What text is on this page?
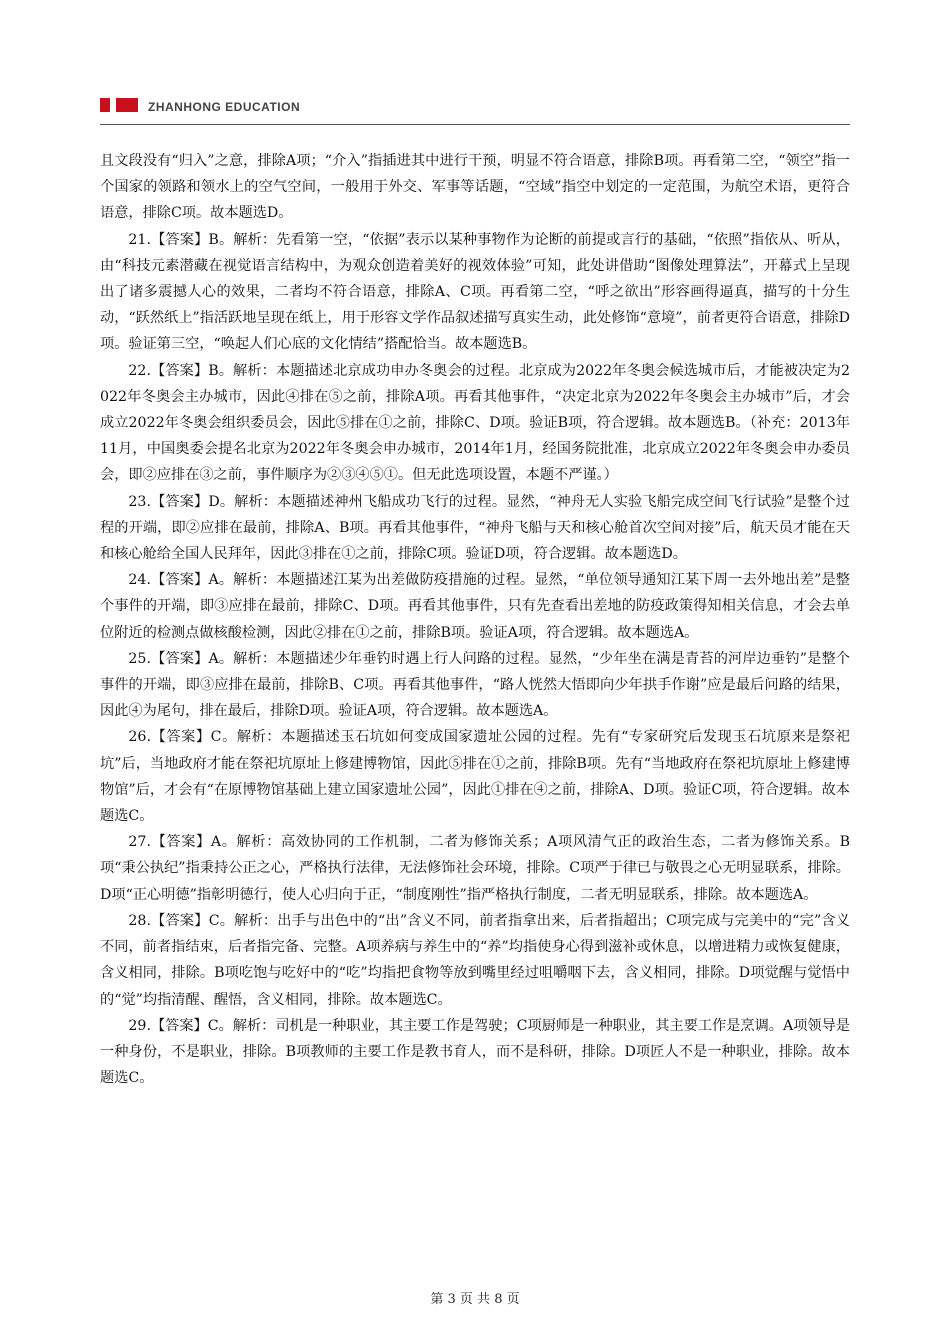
ZHANHONG EDUCATION

且文段没有“归入”之意，排除A项；“介入”指插进其中进行干预，明显不符合语意，排除B项。再看第二空，“领空”指一个国家的领路和领水上的空气空间，一般用于外交、军事等话题，“空域”指空中划定的一定范围，为航空术语，更符合语意，排除C项。故本题选D。

21.【答案】B。解析：先看第一空，“依据”表示以某种事物作为论断的前提或言行的基础，“依照”指依从、听从，由“科技元素潜藏在视觉语言结构中，为观众创造着美好的视效体验”可知，此处讲借助“图像处理算法”，开幕式上呈现出了诸多震撼人心的效果，二者均不符合语意，排除A、C项。再看第二空，“呼之欲出”形容画得逼真，描写的十分生动，“跃然纸上”指活跃地呈现在纸上，用于形容文学作品叙述描写真实生动，此处修饰“意境”，前者更符合语意，排除D项。验证第三空，“唤起人们心底的文化情结”搭配恰当。故本题选B。

22.【答案】B。解析：本题描述北京成功申办冬奥会的过程。北京成为2022年冬奥会候选城市后，才能被决定为2022年冬奥会主办城市，因此④排在⑤之前，排除A项。再看其他事件，“决定北京为2022年冬奥会主办城市”后，才会成立2022年冬奥会组织委员会，因此⑤排在①之前，排除C、D项。验证B项，符合逻辑。故本题选B。（补充：2013年11月，中国奥委会提名北京为2022年冬奥会申办城市，2014年1月，经国务院批准，北京成立2022年冬奥会申办委员会，即②应排在③之前，事件顺序为②③④⑤①。但无此选项设置，本题不严谨。）

23.【答案】D。解析：本题描述神州飞船成功飞行的过程。显然，“神舟无人实验飞船完成空间飞行试验”是整个过程的开端，即②应排在最前，排除A、B项。再看其他事件，“神舟飞船与天和核心舱首次空间对接”后，航天员才能在天和核心舱给全国人民拜年，因此③排在①之前，排除C项。验证D项，符合逻辑。故本题选D。

24.【答案】A。解析：本题描述江某为出差做防疫措施的过程。显然，“单位领导通知江某下周一去外地出差”是整个事件的开端，即③应排在最前，排除C、D项。再看其他事件，只有先查看出差地的防疫政策得知相关信息，才会去单位附近的检测点做核酸检测，因此②排在①之前，排除B项。验证A项，符合逻辑。故本题选A。

25.【答案】A。解析：本题描述少年垂钓时遇上行人问路的过程。显然，“少年坐在满是青苔的河岸边垂钓”是整个事件的开端，即③应排在最前，排除B、C项。再看其他事件，“路人恍然大悟即向少年拱手作谢”应是最后问路的结果，因此④为尾句，排在最后，排除D项。验证A项，符合逻辑。故本题选A。

26.【答案】C。解析：本题描述玉石坑如何变成国家遗址公园的过程。先有“专家研究后发现玉石坑原来是祭祀坑”后，当地政府才能在祭祀坑原址上修建博物馆，因此⑤排在①之前，排除B项。先有“当地政府在祭祀坑原址上修建博物馆”后，才会有“在原博物馆基础上建立国家遗址公园”，因此①排在④之前，排除A、D项。验证C项，符合逻辑。故本题选C。

27.【答案】A。解析：高效协同的工作机制，二者为修饰关系；A项风清气正的政治生态，二者为修饰关系。B项“秉公执纪”指秉持公正之心，严格执行法律，无法修饰社会环境，排除。C项严于律已与敬畏之心无明显联系，排除。D项“正心明德”指彰明德行，使人心归向于正，“制度刚性”指严格执行制度，二者无明显联系，排除。故本题选A。

28.【答案】C。解析：出手与出色中的“出”含义不同，前者指拿出来，后者指超出；C项完成与完美中的“完”含义不同，前者指结束，后者指完备、完整。A项养病与养生中的“养”均指使身心得到滋补或休息，以增进精力或恢复健康，含义相同，排除。B项吃饱与吃好中的“吃”均指把食物等放到嘴里经过咀嚼咽下去，含义相同，排除。D项觉醒与觉悟中的“觉”均指清醒、醒悟，含义相同，排除。故本题选C。

29.【答案】C。解析：司机是一种职业，其主要工作是驾驶；C项厨师是一种职业，其主要工作是烹调。A项领导是一种身份，不是职业，排除。B项教师的主要工作是教书育人，而不是科研，排除。D项匠人不是一种职业，排除。故本题选C。

第 3 页 共 8 页
